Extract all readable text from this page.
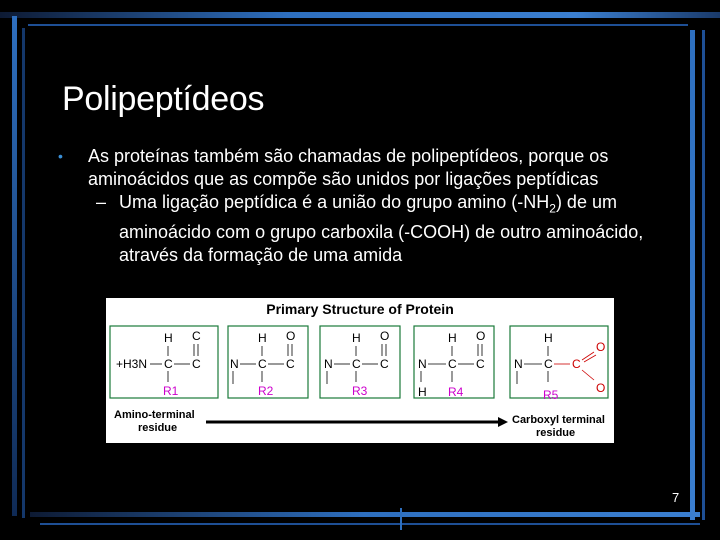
Polipeptídeos
• As proteínas também são chamadas de polipeptídeos, porque os aminoácidos que as compõe são unidos por ligações peptídicas
– Uma ligação peptídica é a união do grupo amino $(-NH_2)$ de um aminoácido com o grupo carboxila (-COOH) de outro aminoácido, através da formação de uma amida
Primary Structure of Protein
+H3N C
H
R1
C
C
N C
H
R2
C
O
N C
H
R3
C
O
N
H
C
H
R4
C
O
N C
H
R5
C
O
O
Amino-terminal residue
Carboxyl terminal residue
7
